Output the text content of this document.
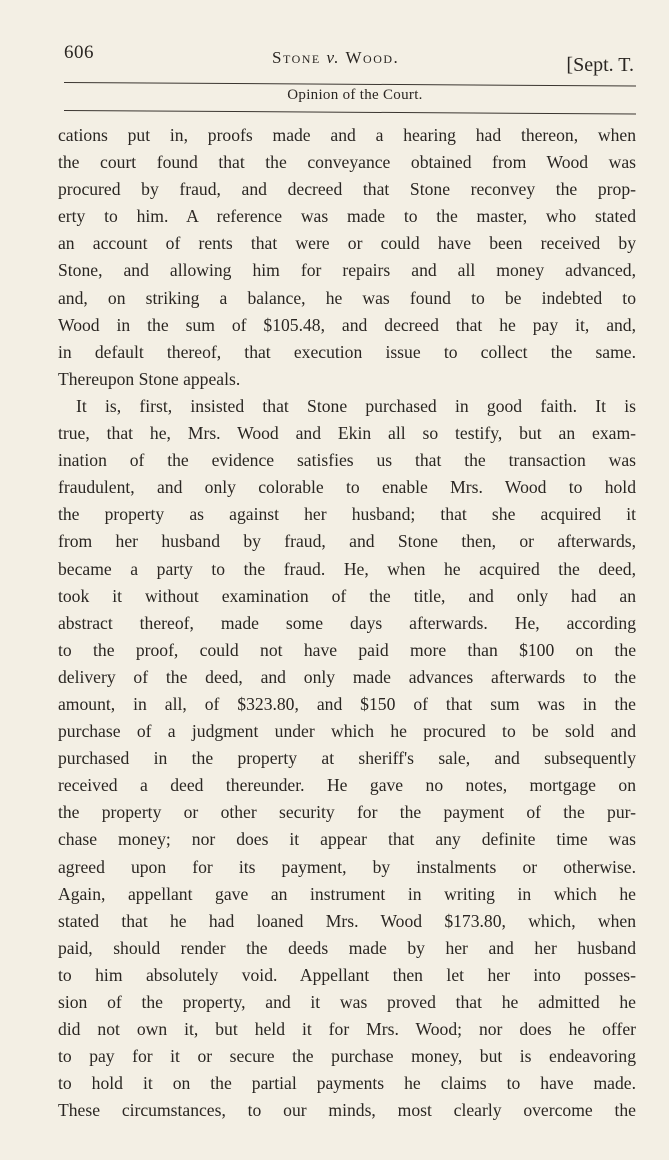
606	Stone v. Wood.	[Sept. T.
Opinion of the Court.
cations put in, proofs made and a hearing had thereon, when
the court found that the conveyance obtained from Wood was
procured by fraud, and decreed that Stone reconvey the prop-
erty to him. A reference was made to the master, who stated
an account of rents that were or could have been received by
Stone, and allowing him for repairs and all money advanced,
and, on striking a balance, he was found to be indebted to
Wood in the sum of $105.48, and decreed that he pay it, and,
in default thereof, that execution issue to collect the same.
Thereupon Stone appeals.
It is, first, insisted that Stone purchased in good faith. It is
true, that he, Mrs. Wood and Ekin all so testify, but an exam-
ination of the evidence satisfies us that the transaction was
fraudulent, and only colorable to enable Mrs. Wood to hold
the property as against her husband; that she acquired it
from her husband by fraud, and Stone then, or afterwards,
became a party to the fraud. He, when he acquired the deed,
took it without examination of the title, and only had an
abstract thereof, made some days afterwards. He, according
to the proof, could not have paid more than $100 on the
delivery of the deed, and only made advances afterwards to the
amount, in all, of $323.80, and $150 of that sum was in the
purchase of a judgment under which he procured to be sold and
purchased in the property at sheriff's sale, and subsequently
received a deed thereunder. He gave no notes, mortgage on
the property or other security for the payment of the pur-
chase money; nor does it appear that any definite time was
agreed upon for its payment, by instalments or otherwise.
Again, appellant gave an instrument in writing in which he
stated that he had loaned Mrs. Wood $173.80, which, when
paid, should render the deeds made by her and her husband
to him absolutely void. Appellant then let her into posses-
sion of the property, and it was proved that he admitted he
did not own it, but held it for Mrs. Wood; nor does he offer
to pay for it or secure the purchase money, but is endeavoring
to hold it on the partial payments he claims to have made.
These circumstances, to our minds, most clearly overcome the
